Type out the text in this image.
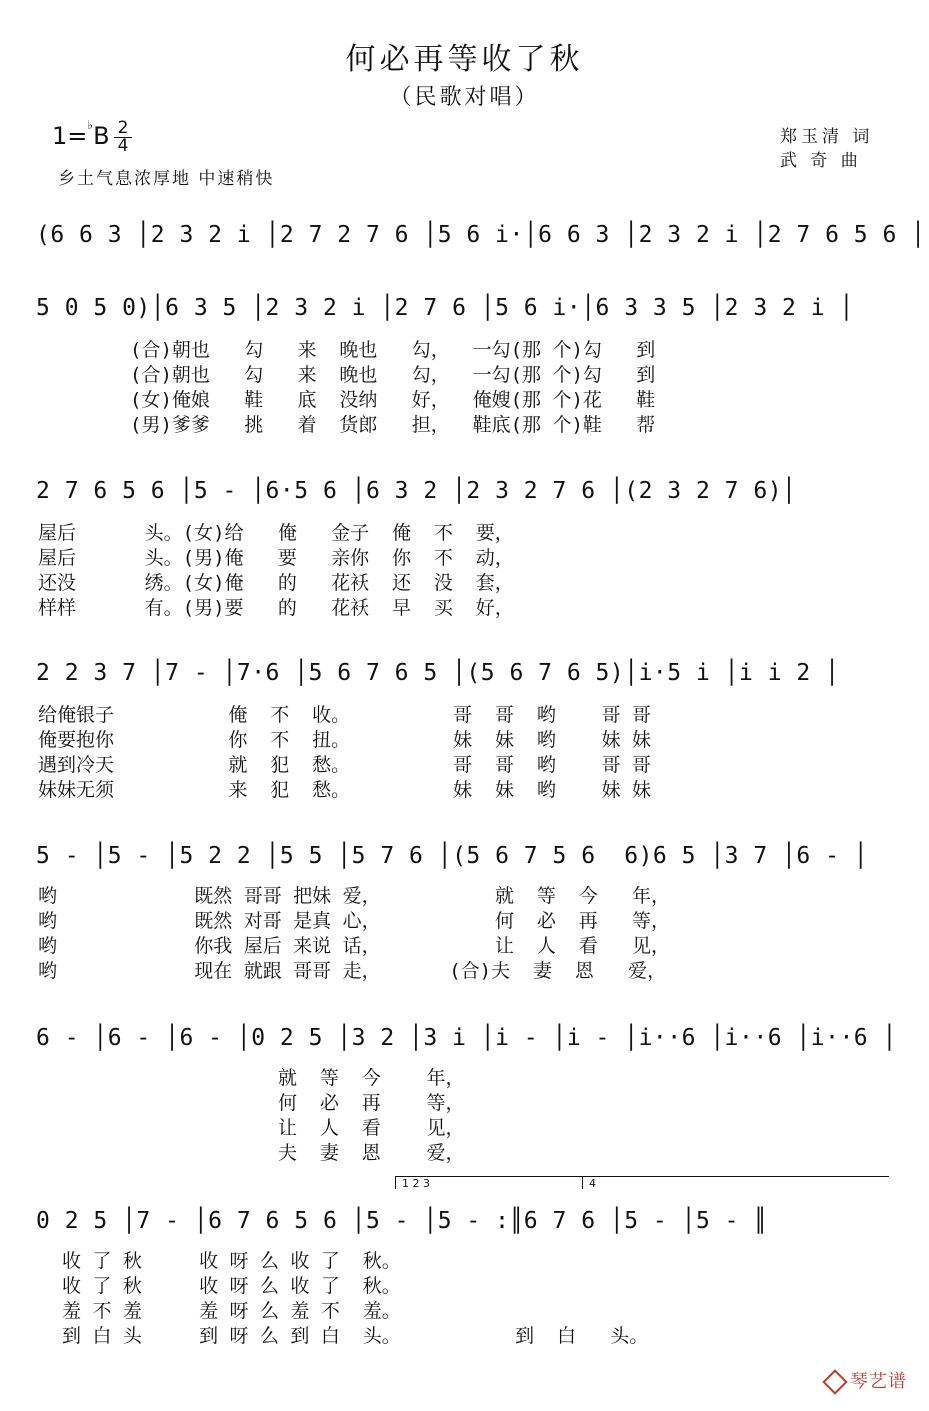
何必再等收了秋
（民歌对唱）
1=♭B 2
4	郑玉清 词
武 奇 曲
乡土气息浓厚地 中速稍快
(6 6 3 │2 3 2 i │2 7 2 7 6 │5 6 i·│6 6 3 │2 3 2 i │2 7 6 5 6 │
5 0 5 0)│6 3 5 │2 3 2 i │2 7 6 │5 6 i·│6 3 3 5 │2 3 2 i │
(合)朝也   勾   来  晚也   勾，  一勾(那 个)勾   到
(合)朝也   勾   来  晚也   勾，  一勾(那 个)勾   到
(女)俺娘   鞋   底  没纳   好，  俺嫂(那 个)花   鞋
(男)爹爹   挑   着  货郎   担，  鞋底(那 个)鞋   帮
2 7 6 5 6 │5 - │6·5 6 │6 3 2 │2 3 2 7 6 │(2 3 2 7 6)│
屋后      头。(女)给   俺   金子  俺  不  要，
屋后      头。(男)俺   要   亲你  你  不  动，
还没      绣。(女)俺   的   花袄  还  没  套，
样样      有。(男)要   的   花袄  早  买  好，
2 2 3 7 │7 - │7·6 │5 6 7 6 5 │(5 6 7 6 5)│i·5 i │i i 2 │
给俺银子          俺  不  收。         哥  哥  哟    哥 哥
俺要抱你          你  不  扭。         妹  妹  哟    妹 妹
遇到冷天          就  犯  愁。         哥  哥  哟    哥 哥
妹妹无须          来  犯  愁。         妹  妹  哟    妹 妹
5 - │5 - │5 2 2 │5 5 │5 7 6 │(5 6 7 5 6  6)6 5 │3 7 │6 - │
哟            既然 哥哥 把妹 爱，          就  等  今   年，
哟            既然 对哥 是真 心，          何  必  再   等，
哟            你我 屋后 来说 话，          让  人  看   见，
哟            现在 就跟 哥哥 走，      (合)夫  妻  恩   爱，
6 - │6 - │6 - │0 2 5 │3 2 │3 i │i - │i - │i··6 │i··6 │i··6 │
就  等  今    年，
何  必  再    等，
让  人  看    见，
夫  妻  恩    爱，
1 2 3	4
0 2 5 │7 - │6 7 6 5 6 │5 - │5 - :║6 7 6 │5 - │5 - ║
收 了 秋     收 呀 么 收 了  秋。
收 了 秋     收 呀 么 收 了  秋。
羞 不 羞     羞 呀 么 羞 不  羞。
到 白 头     到 呀 么 到 白  头。          到  白   头。
琴艺谱
